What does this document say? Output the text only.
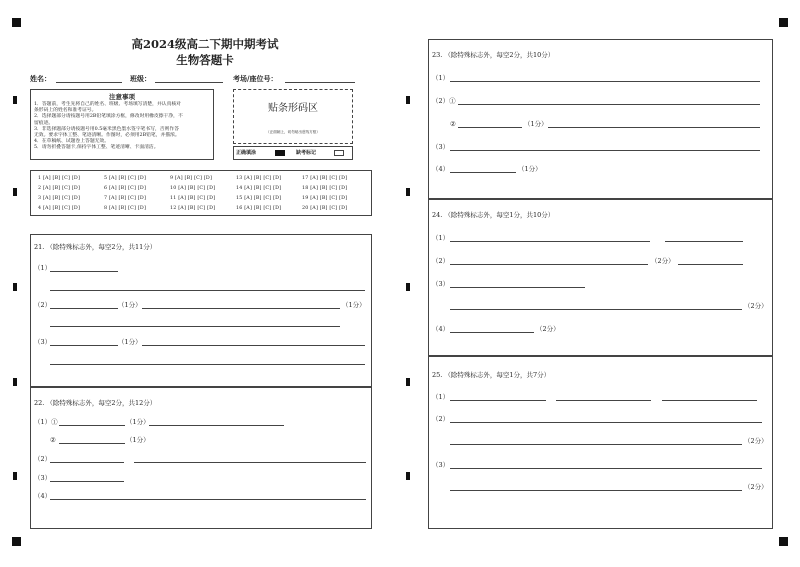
高2024级高二下期中期考试
生物答题卡
姓名：	班级：	考场/座位号：
注意事项
1．答题前，考生先将自己的姓名、班级、考场填写清楚，并认真核对
条形码上的姓名和准考证号。
2．选择题部分请按题号用2B铅笔填涂方框，修改时用橡皮擦干净，不
留痕迹。
3．非选择题部分请按题号用0.5毫米黑色墨水签字笔书写，否则作答
无效。要求字体工整、笔迹清晰。作图时，必须用2B铅笔，并描浓。
4．在草稿纸、试题卷上答题无效。
5．请勿折叠答题卡,保持字体工整、笔迹清晰、卡面清洁。
贴条形码区
（正面朝上，切勿贴出虚线方框）
正确填涂	缺考标记
1 [A] [B] [C] [D]
2 [A] [B] [C] [D]
3 [A] [B] [C] [D]
4 [A] [B] [C] [D]
5 [A] [B] [C] [D]
6 [A] [B] [C] [D]
7 [A] [B] [C] [D]
8 [A] [B] [C] [D]
9 [A] [B] [C] [D]
10 [A] [B] [C] [D]
11 [A] [B] [C] [D]
12 [A] [B] [C] [D]
13 [A] [B] [C] [D]
14 [A] [B] [C] [D]
15 [A] [B] [C] [D]
16 [A] [B] [C] [D]
17 [A] [B] [C] [D]
18 [A] [B] [C] [D]
19 [A] [B] [C] [D]
20 [A] [B] [C] [D]
21. （除特殊标志外，每空2分，共11分）
（1）
（2）	（1分）	（1分）
（3）	（1分）
22. （除特殊标志外，每空2分，共12分）
（1）①	（1分）
②	（1分）
（2）
（3）
（4）
23. （除特殊标志外，每空2分，共10分）
（1）
（2）①
②	（1分）
（3）
（4）	（1分）
24. （除特殊标志外，每空1分，共10分）
（1）
（2）	（2分）
（3）
（2分）
（4）	（2分）
25. （除特殊标志外，每空1分，共7分）
（1）
（2）
（2分）
（3）
（2分）
